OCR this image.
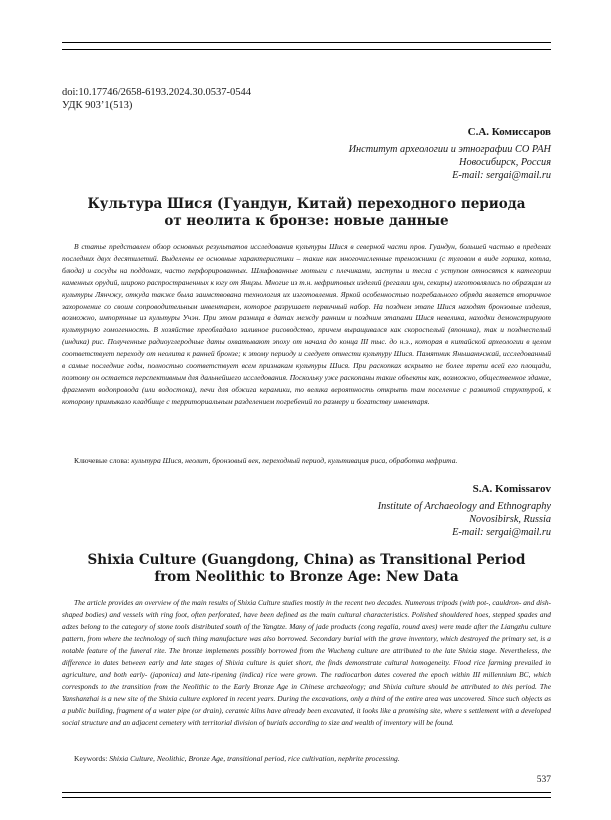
doi:10.17746/2658-6193.2024.30.0537-0544
УДК 903’1(513)
С.А. Комиссаров
Институт археологии и этнографии СО РАН
Новосибирск, Россия
E-mail: sergai@mail.ru
Культура Шися (Гуандун, Китай) переходного периода
от неолита к бронзе: новые данные
В статье представлен обзор основных результатов исследования культуры Шися в северной части пров. Гуандун, большей частью в пределах последних двух десятилетий. Выделены ее основные характеристики – такие как многочисленные треножники (с туловом в виде горшка, котла, блюда) и сосуды на поддонах, часто перфорированных. Шлифованные мотыги с плечиками, заступы и тесла с уступом относятся к категории каменных орудий, широко распространенных к югу от Янцзы. Многие из т.н. нефритовых изделий (регалии цун, секиры) изготовлялись по образцам из культуры Лянчжу, откуда также была заимствована технология их изготовления. Яркой особенностью погребального обряда является вторичное захоронение со своим сопроводительным инвентарем, которое разрушает первичный набор. На позднем этапе Шися находят бронзовые изделия, возможно, импортные из культуры Учэн. При этом разница в датах между ранним и поздним этапами Шися невелика, находки демонстрируют культурную гомогенность. В хозяйстве преобладало заливное рисоводство, причем выращивался как скороспелый (японика), так и позднеспелый (индика) рис. Полученные радиоуглеродные даты охватывают эпоху от начала до конца III тыс. до н.э., которая в китайской археологии в целом соответствует переходу от неолита к ранней бронзе; к этому периоду и следует отнести культуру Шися. Памятник Яньшаньчжай, исследованный в самые последние годы, полностью соответствует всем признакам культуры Шися. При раскопках вскрыто не более трети всей его площади, поэтому он остается перспективным для дальнейшего исследования. Поскольку уже раскопаны такие объекты как, возможно, общественное здание, фрагмент водопровода (или водостока), печи для обжига керамики, то велика вероятность открыть там поселение с развитой структурой, к которому примыкало кладбище с территориальным разделением погребений по размеру и богатству инвентаря.
Ключевые слова: культура Шися, неолит, бронзовый век, переходный период, культивация риса, обработка нефрита.
S.A. Komissarov
Institute of Archaeology and Ethnography
Novosibirsk, Russia
E-mail: sergai@mail.ru
Shixia Culture (Guangdong, China) as Transitional Period
from Neolithic to Bronze Age: New Data
The article provides an overview of the main results of Shixia Culture studies mostly in the recent two decades. Numerous tripods (with pot-, cauldron- and dish-shaped bodies) and vessels with ring foot, often perforated, have been defined as the main cultural characteristics. Polished shouldered hoes, stepped spades and adzes belong to the category of stone tools distributed south of the Yangtze. Many of jade products (cong regalia, round axes) were made after the Liangzhu culture pattern, from where the technology of such thing manufacture was also borrowed. Secondary burial with the grave inventory, which destroyed the primary set, is a notable feature of the funeral rite. The bronze implements possibly borrowed from the Wucheng culture are attributed to the late Shixia stage. Nevertheless, the difference in dates between early and late stages of Shixia culture is quiet short, the finds demonstrate cultural homogeneity. Flood rice farming prevailed in agriculture, and both early- (japonica) and late-ripening (indica) rice were grown. The radiocarbon dates covered the epoch within III millennium BC, which corresponds to the transition from the Neolithic to the Early Bronze Age in Chinese archaeology; and Shixia culture should be attributed to this period. The Yanshanzhai is a new site of the Shixia culture explored in recent years. During the excavations, only a third of the entire area was uncovered. Since such objects as a public building, fragment of a water pipe (or drain), ceramic kilns have already been excavated, it looks like a promising site, where s settlement with a developed social structure and an adjacent cemetery with territorial division of burials according to size and wealth of inventory will be found.
Keywords: Shixia Culture, Neolithic, Bronze Age, transitional period, rice cultivation, nephrite processing.
537
